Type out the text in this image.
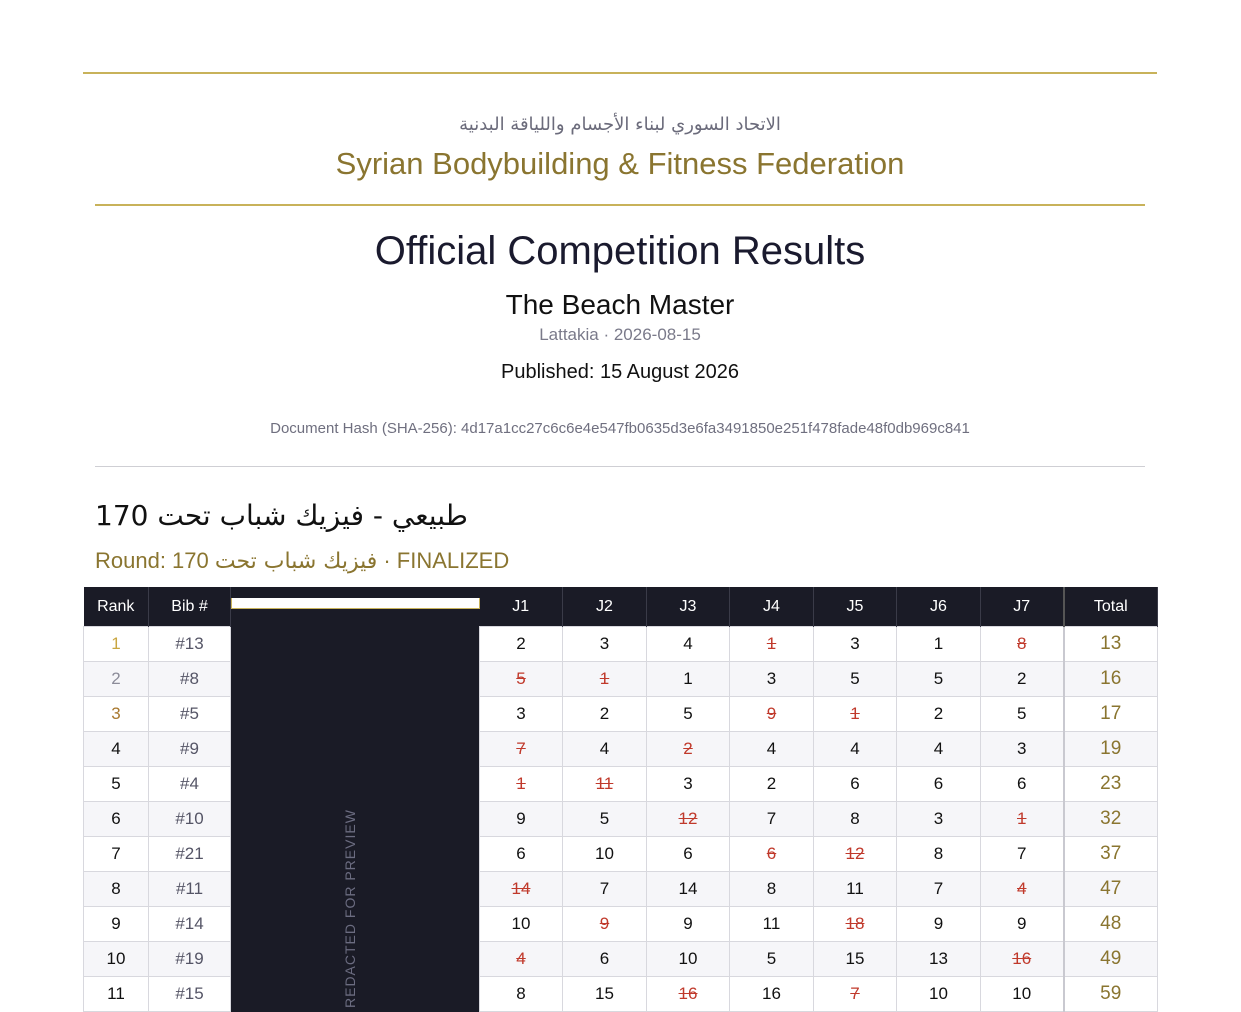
الاتحاد السوري لبناء الأجسام واللياقة البدنية
Syrian Bodybuilding & Fitness Federation
Official Competition Results
The Beach Master
Lattakia · 2026-08-15
Published: 15 August 2026
Document Hash (SHA-256): 4d17a1cc27c6c6e4e547fb0635d3e6fa3491850e251f478fade48f0db969c841
طبيعي - فيزيك شباب تحت 170
Round: 170 فيزيك شباب تحت · FINALIZED
Rank	Bib #		J1	J2	J3	J4	J5	J6	J7	Total
1	#13		2	3	4	1	3	1	8	13
2	#8		5	1	1	3	5	5	2	16
3	#5		3	2	5	9	1	2	5	17
4	#9		7	4	2	4	4	4	3	19
5	#4		1	11	3	2	6	6	6	23
6	#10		9	5	12	7	8	3	1	32
7	#21		6	10	6	6	12	8	7	37
8	#11		14	7	14	8	11	7	4	47
9	#14		10	9	9	11	18	9	9	48
10	#19		4	6	10	5	15	13	16	49
11	#15		8	15	16	16	7	10	10	59
REDACTED FOR PREVIEW
